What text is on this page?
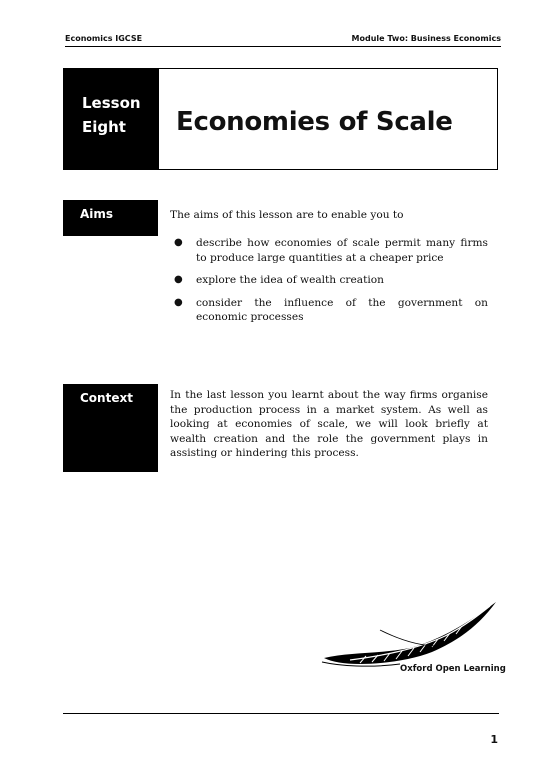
Economics IGCSE	Module Two: Business Economics
Lesson
Eight	Economies of Scale
Aims	The aims of this lesson are to enable you to
● describe how economies of scale permit many firms to produce large quantities at a cheaper price
● explore the idea of wealth creation
● consider the influence of the government on economic processes
Context	In the last lesson you learnt about the way firms organise the production process in a market system. As well as looking at economies of scale, we will look briefly at wealth creation and the role the government plays in assisting or hindering this process.
Oxford Open Learning
1
